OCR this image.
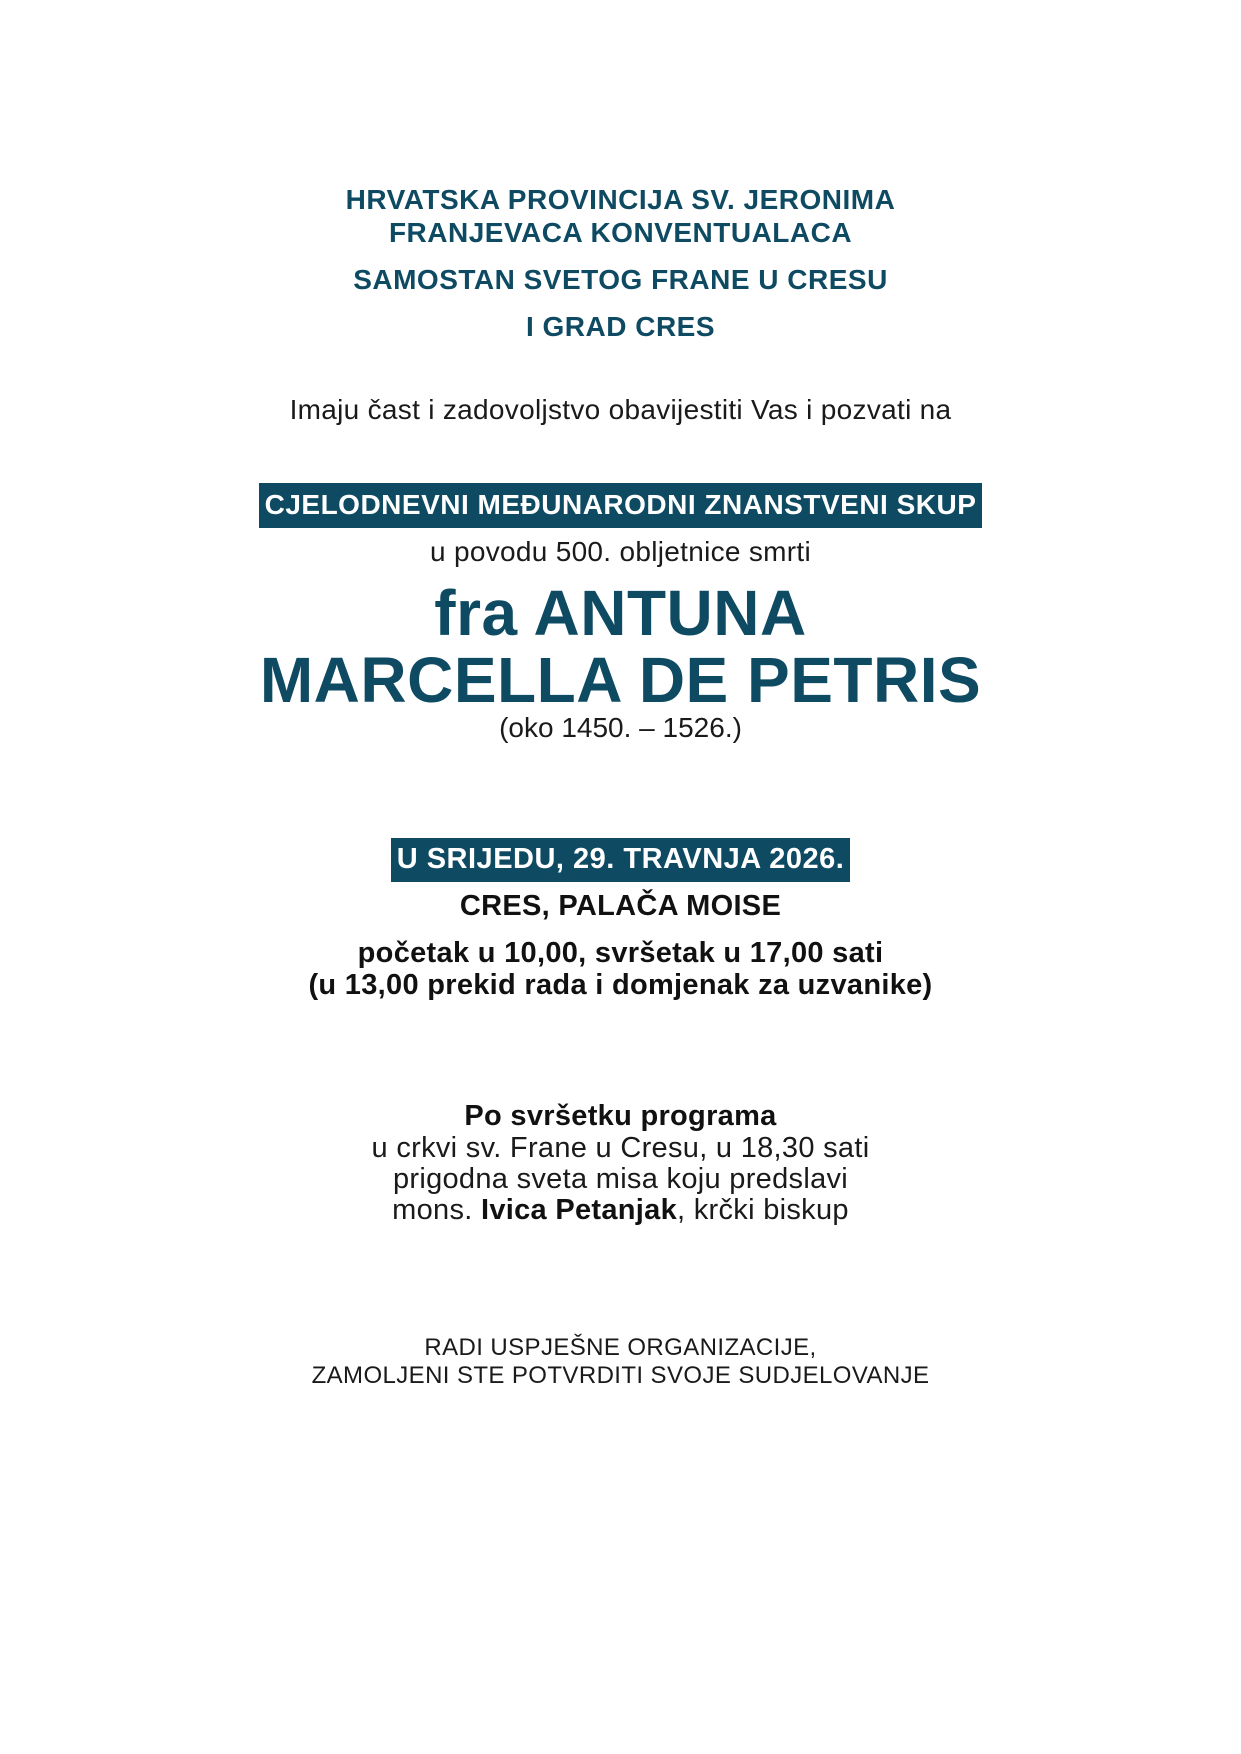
HRVATSKA PROVINCIJA SV. JERONIMA

FRANJEVACA KONVENTUALACA

SAMOSTAN SVETOG FRANE U CRESU

I GRAD CRES

Imaju čast i zadovoljstvo obavijestiti Vas i pozvati na

CJELODNEVNI MEĐUNARODNI ZNANSTVENI SKUP

u povodu 500. obljetnice smrti

fra ANTUNA

MARCELLA DE PETRIS

(oko 1450. – 1526.)

U SRIJEDU, 29. TRAVNJA 2026.

CRES, PALAČA MOISE

početak u 10,00, svršetak u 17,00 sati

(u 13,00 prekid rada i domjenak za uzvanike)

Po svršetku programa

u crkvi sv. Frane u Cresu, u 18,30 sati

prigodna sveta misa koju predslavi

mons. Ivica Petanjak, krčki biskup

RADI USPJEŠNE ORGANIZACIJE,

ZAMOLJENI STE POTVRDITI SVOJE SUDJELOVANJE
